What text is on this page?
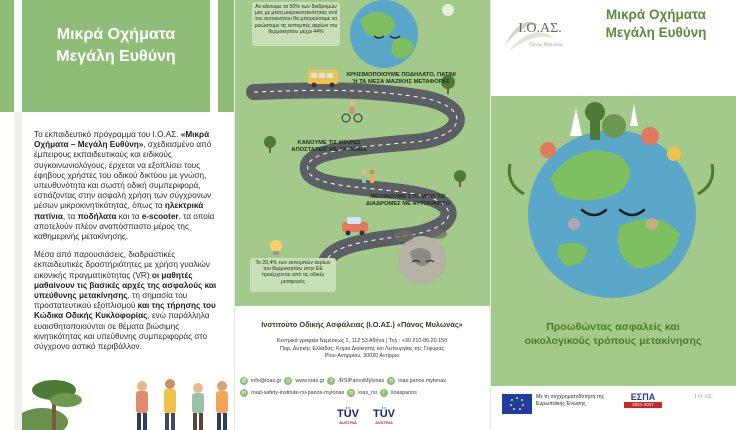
Μικρά Οχήματα
Μεγάλη Ευθύνη

Το εκπαιδευτικό πρόγραμμα του Ι.Ο.ΑΣ. «Μικρά Οχήματα – Μεγάλη Ευθύνη», σχεδιασμένο από έμπειρους εκπαιδευτικούς και ειδικούς συγκοινωνιολόγους, έρχεται να εξοπλίσει τους έφηβους χρήστες του οδικού δικτύου με γνώση, υπευθυνότητα και σωστή οδική συμπεριφορά, εστιάζοντας στην ασφαλή χρήση των σύγχρονων μέσων μικροκινητικότητας, όπως τα ηλεκτρικά πατίνια, τα ποδήλατα και τα e-scooter, τα οποία αποτελούν πλέον αναπόσπαστο μέρος της καθημερινής μετακίνησης.

Μέσα από παρουσιάσεις, διαδραστικές εκπαιδευτικές δραστηριότητες με χρήση γυαλιών εικονικής πραγματικότητας (VR) οι μαθητές μαθαίνουν τις βασικές αρχές της ασφαλούς και υπεύθυνης μετακίνησης, τη σημασία του προστατευτικού εξοπλισμού και της τήρησης του Κώδικα Οδικής Κυκλοφορίας, ενώ παράλληλα ευαισθητοποιούνται σε θέματα βιώσιμης κινητικότητας και υπεύθυνης συμπεριφοράς στο σύγχρονο αστικό περιβάλλον.

Αν κάνουμε τα 50% των διαδρομών μας με μέσα μικροκινητικότητας αντί του αυτοκινήτου θα μπορούσαμε να μειώσουμε τις εκπομπές αερίων του θερμοκηπίου μέχρι 44%
ΧΡΗΣΙΜΟΠΟΙΟΥΜΕ ΠΟΔΗΛΑΤΟ, ΠΑΤΙΝΙ Ή ΤΑ ΜΕΣΑ ΜΑΖΙΚΗΣ ΜΕΤΑΦΟΡΑΣ
ΚΑΝΟΥΜΕ ΤΙΣ ΜΙΚΡΕΣ ΑΠΟΣΤΑΣΕΙΣ ΜΕ ΤΑ ΠΟΔΙΑ
ΜΕΙΩΝΟΥΜΕ ΣΤΟ ΜΙΣΟ ΤΙΣ ΔΙΑΔΡΟΜΕΣ ΜΕ ΑΥΤΟΚΙΝΗΤΟ
Το 20,4% των εκπομπών αερίων του θερμοκηπίου στην ΕΕ προέρχονται από τις οδικές μεταφορές
Ινστιτούτο Οδικής Ασφάλειας (Ι.Ο.ΑΣ.) «Πάνος Μυλωνάς»
Κεντρικά γραφεία Νεμέσεως 2, 112 53 Αθήνα | Τηλ.: +30 210-86.20.150
Παρ. Δυτικής Ελλάδας: Κτίρια Διοίκησης και Λειτουργίας της Γέφυρας
Ρίου-Αντιρρίου, 30020 Αντίρριο
@ info@ioas.gr ◎ www.ioas.gr	X /RSIPanosMylonas	◘	ioas.panos.mylonas
in road-safety-institute-rsi-panos-mylonas	◘	ioas_rsi	f	/ioaspanos
TÜV
AUSTRIA
TÜV
AUSTRIA
Ι.Ο.ΑΣ.
Πάνος Μυλωνάς
Μικρά Οχήματα
Μεγάλη Ευθύνη
Προωθώντας ασφαλείς και
οικολογικούς τρόπους μετακίνησης
Με τη συγχρηματοδότηση της Ευρωπαϊκής Ένωσης
ΕΣΠΑ
2021-2027
Ι.Ο.ΑΣ.
